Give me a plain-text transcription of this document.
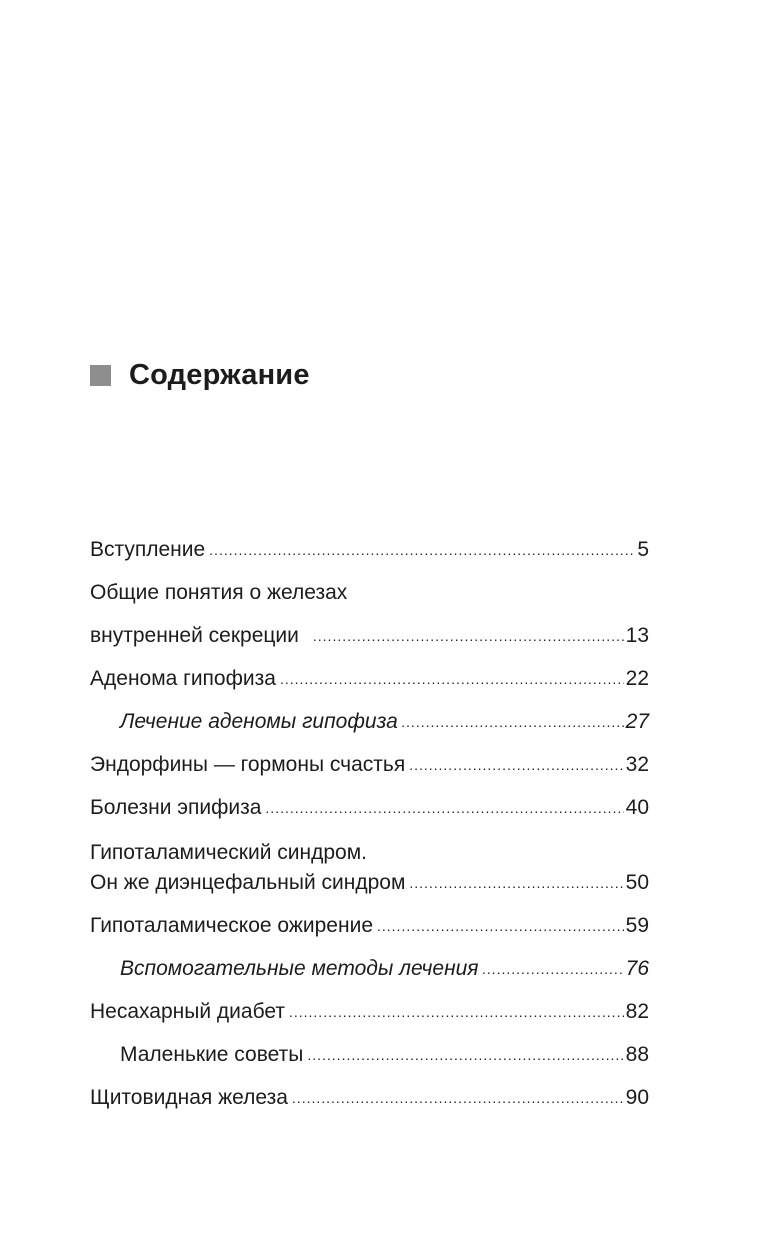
Содержание
Вступление .....	5
Общие понятия о железах
внутренней секреции .....	13
Аденома гипофиза .....	22
Лечение аденомы гипофиза .....	27
Эндорфины — гормоны счастья .....	32
Болезни эпифиза .....	40
Гипоталамический синдром.
Он же диэнцефальный синдром .....	50
Гипоталамическое ожирение .....	59
Вспомогательные методы лечения .....	76
Несахарный диабет .....	82
Маленькие советы .....	88
Щитовидная железа .....	90
